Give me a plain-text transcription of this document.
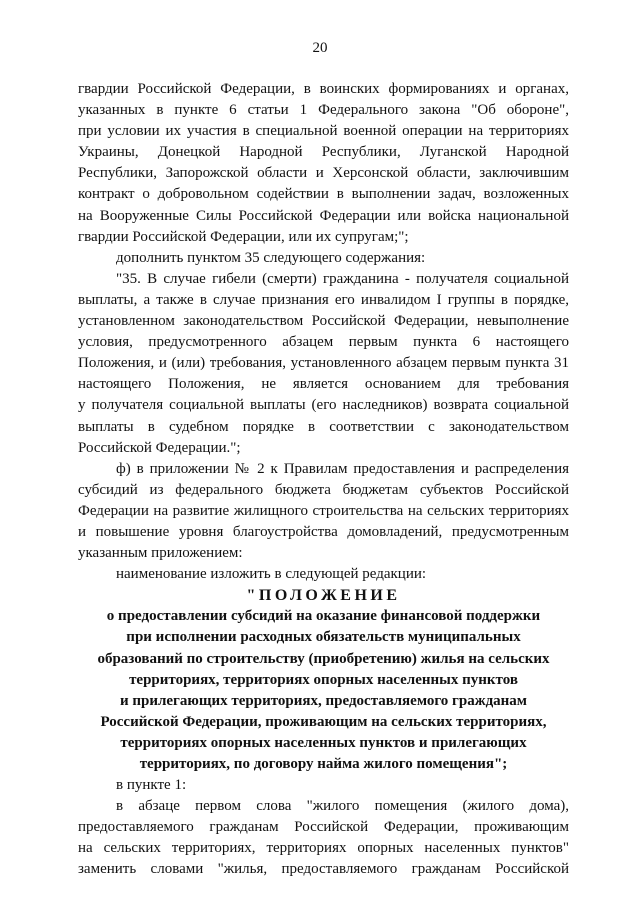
20
гвардии Российской Федерации, в воинских формированиях и органах,
указанных в пункте 6 статьи 1 Федерального закона "Об обороне",
при условии их участия в специальной военной операции на территориях
Украины, Донецкой Народной Республики, Луганской Народной
Республики, Запорожской области и Херсонской области, заключившим
контракт о добровольном содействии в выполнении задач, возложенных
на Вооруженные Силы Российской Федерации или войска национальной
гвардии Российской Федерации, или их супругам;";
дополнить пунктом 35 следующего содержания:
"35. В случае гибели (смерти) гражданина - получателя социальной
выплаты, а также в случае признания его инвалидом I группы в порядке,
установленном законодательством Российской Федерации, невыполнение
условия, предусмотренного абзацем первым пункта 6 настоящего
Положения, и (или) требования, установленного абзацем первым пункта 31
настоящего Положения, не является основанием для требования
у получателя социальной выплаты (его наследников) возврата социальной
выплаты в судебном порядке в соответствии с законодательством
Российской Федерации.";
ф) в приложении № 2 к Правилам предоставления и распределения
субсидий из федерального бюджета бюджетам субъектов Российской
Федерации на развитие жилищного строительства на сельских территориях
и повышение уровня благоустройства домовладений, предусмотренным
указанным приложением:
наименование изложить в следующей редакции:
"ПОЛОЖЕНИЕ
о предоставлении субсидий на оказание финансовой поддержки
при исполнении расходных обязательств муниципальных
образований по строительству (приобретению) жилья на сельских
территориях, территориях опорных населенных пунктов
и прилегающих территориях, предоставляемого гражданам
Российской Федерации, проживающим на сельских территориях,
территориях опорных населенных пунктов и прилегающих
территориях, по договору найма жилого помещения";
в пункте 1:
в абзаце первом слова "жилого помещения (жилого дома),
предоставляемого гражданам Российской Федерации, проживающим
на сельских территориях, территориях опорных населенных пунктов"
заменить словами "жилья, предоставляемого гражданам Российской
